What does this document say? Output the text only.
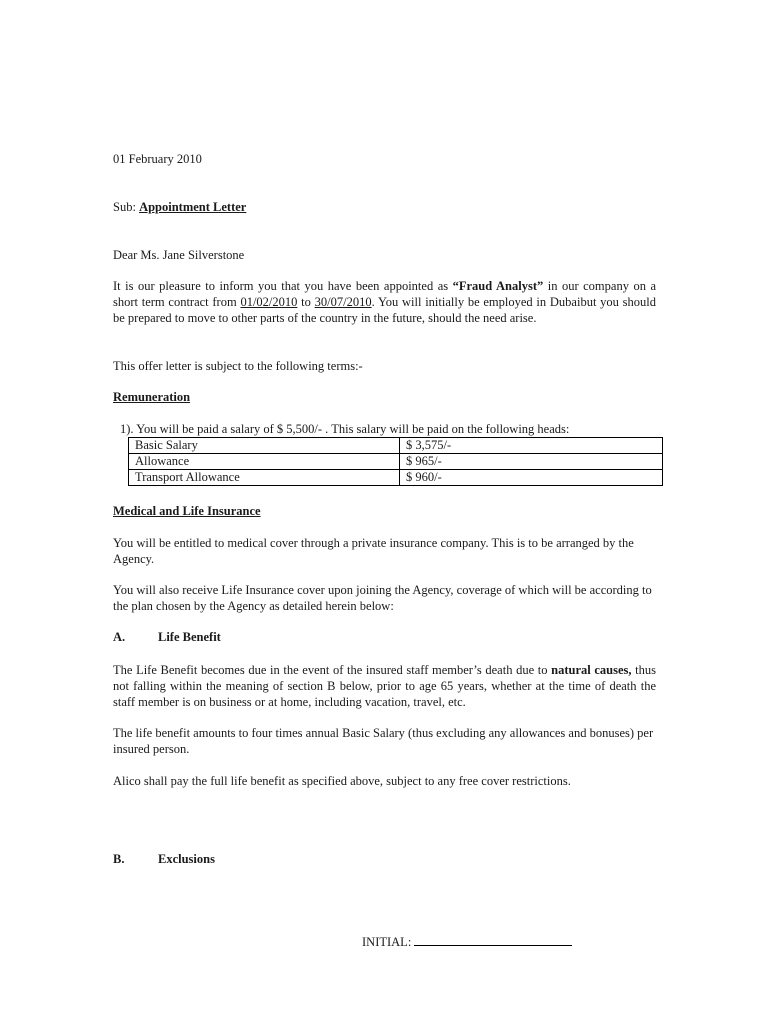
01 February 2010
Sub: Appointment Letter
Dear Ms. Jane Silverstone
It is our pleasure to inform you that you have been appointed as “Fraud Analyst” in our company on a short term contract from 01/02/2010 to 30/07/2010. You will initially be employed in Dubaibut you should be prepared to move to other parts of the country in the future, should the need arise.
This offer letter is subject to the following terms:-
Remuneration
1). You will be paid a salary of $ 5,500/- . This salary will be paid on the following heads:
Basic Salary	$ 3,575/-
Allowance	$ 965/-
Transport Allowance	$ 960/-
Medical and Life Insurance
You will be entitled to medical cover through a private insurance company. This is to be arranged by the Agency.
You will also receive Life Insurance cover upon joining the Agency, coverage of which will be according to the plan chosen by the Agency as detailed herein below:
A.	Life Benefit
The Life Benefit becomes due in the event of the insured staff member’s death due to natural causes, thus not falling within the meaning of section B below, prior to age 65 years, whether at the time of death the staff member is on business or at home, including vacation, travel, etc.
The life benefit amounts to four times annual Basic Salary (thus excluding any allowances and bonuses) per insured person.
Alico shall pay the full life benefit as specified above, subject to any free cover restrictions.
B.	Exclusions
INITIAL:
